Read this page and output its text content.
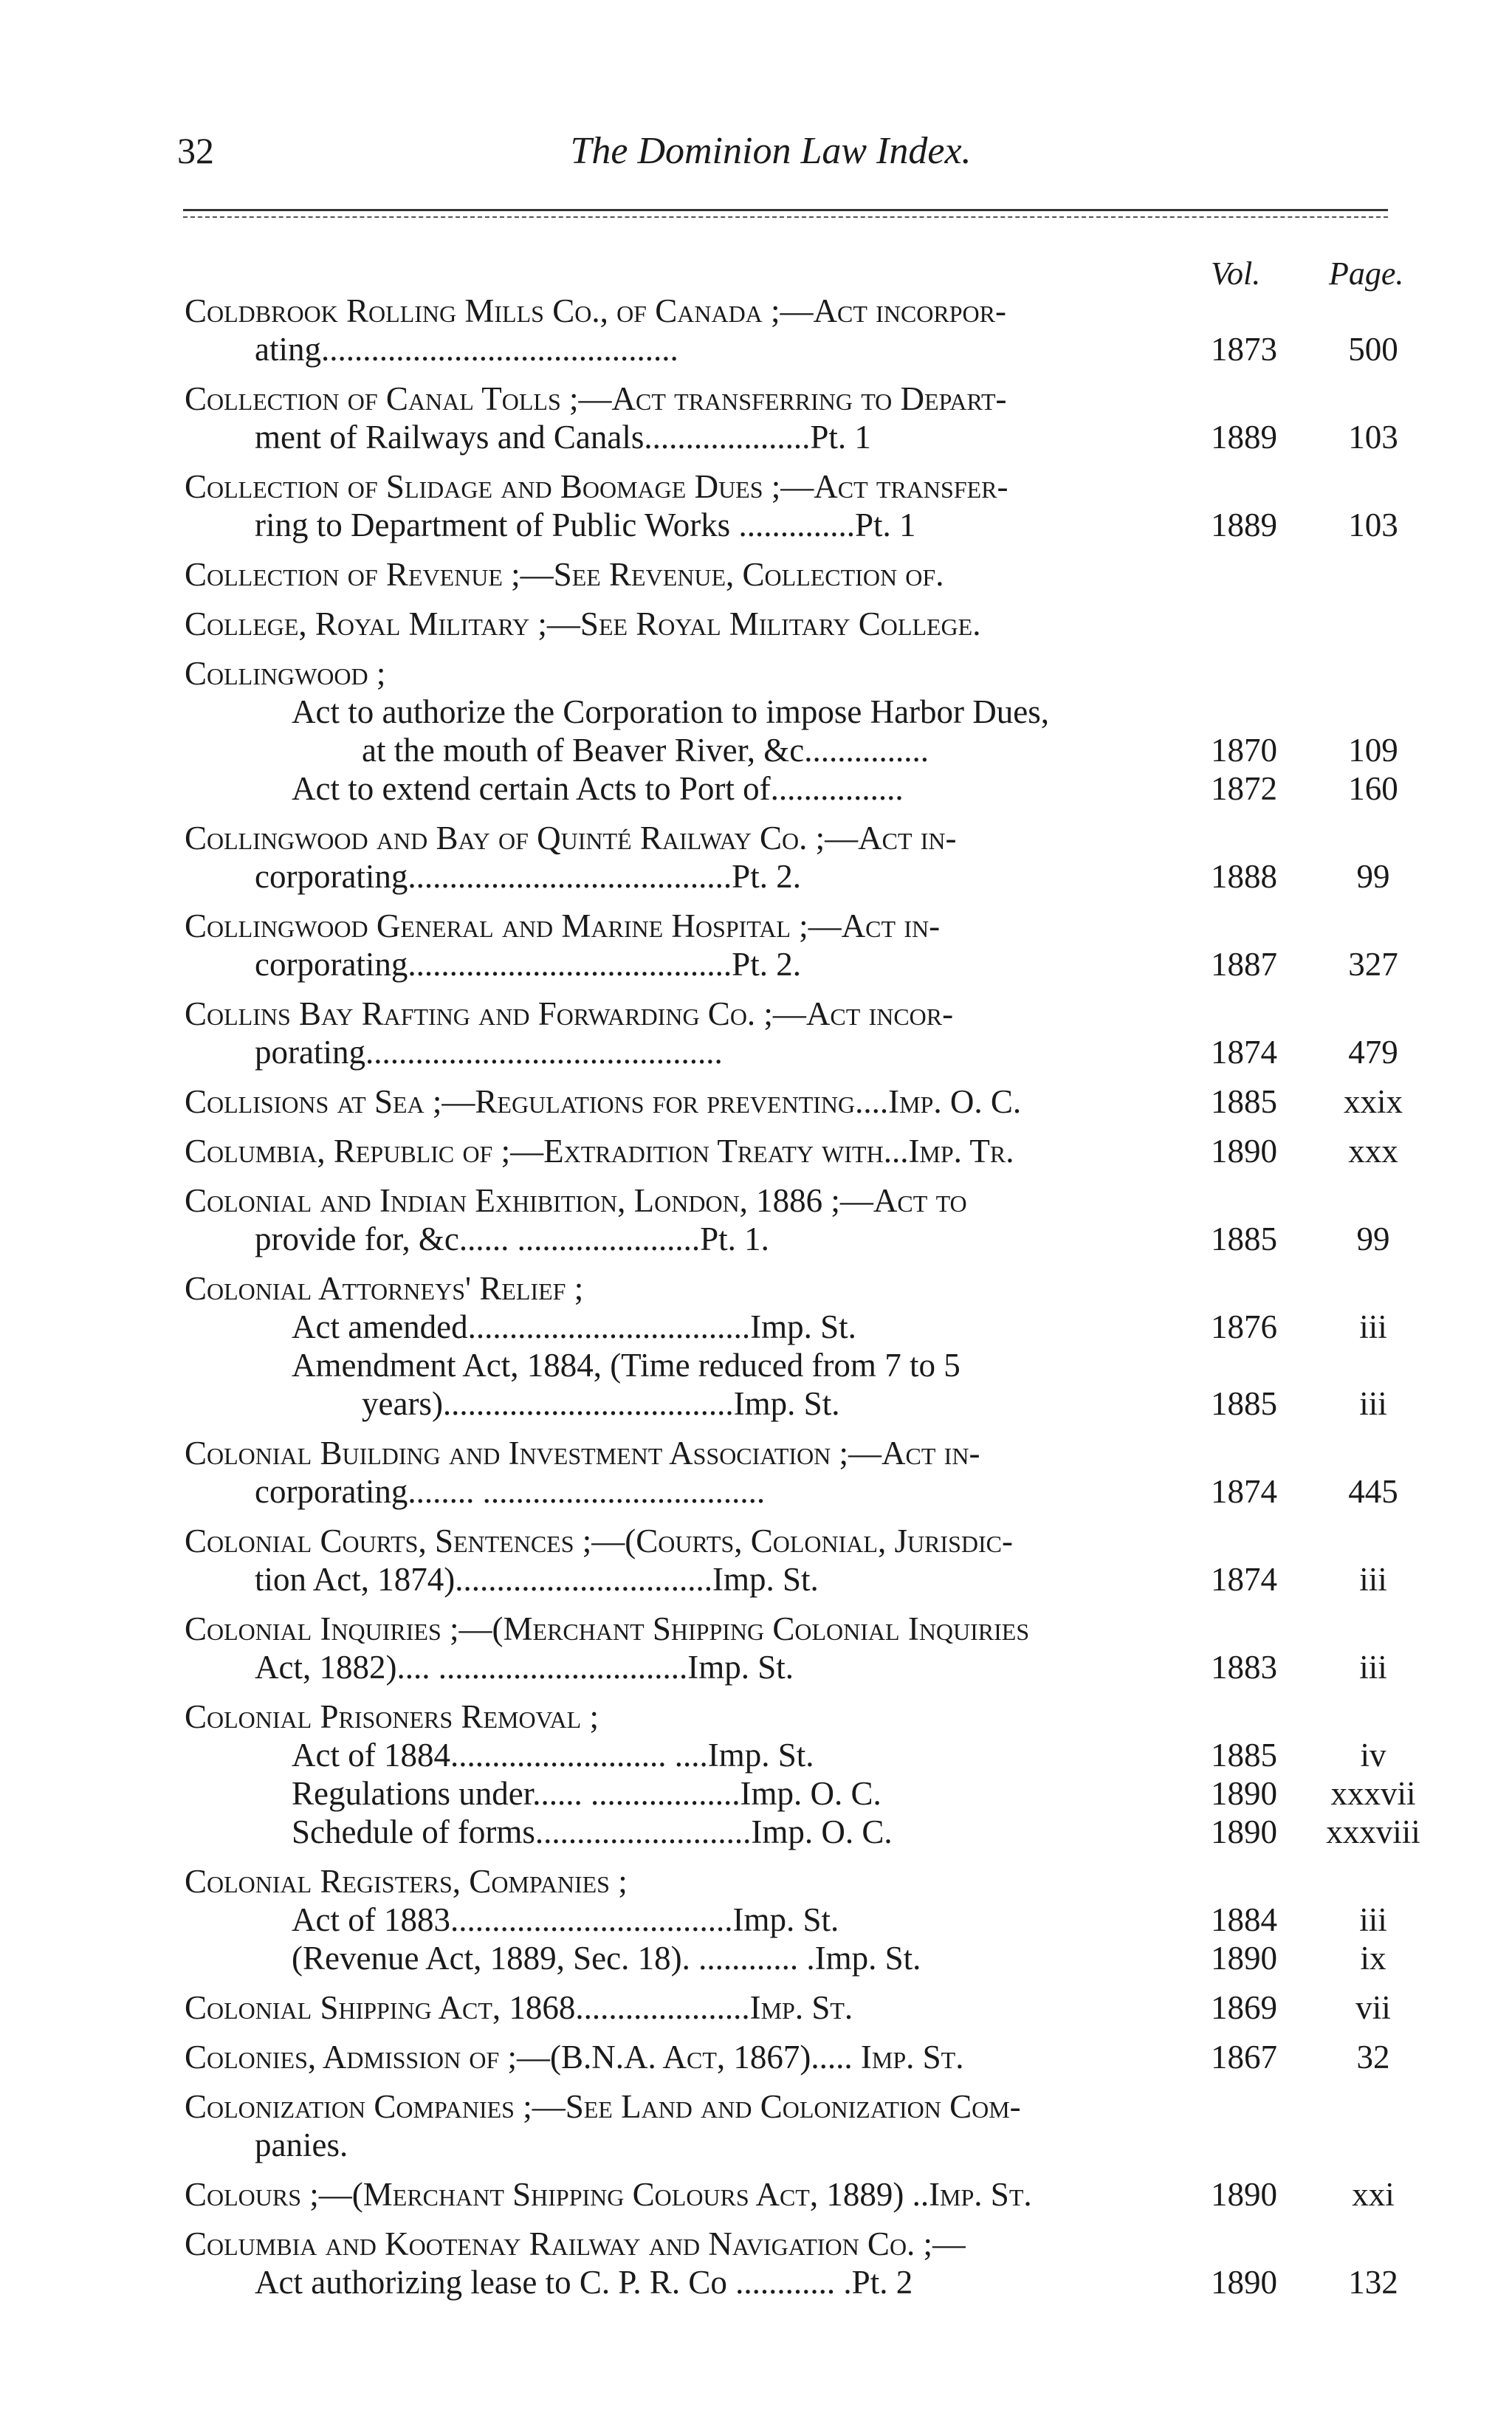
32	The Dominion Law Index.
Vol. Page.
Coldbrook Rolling Mills Co., of Canada ;—Act incorpor-
ating...........................................	1873	500
Collection of Canal Tolls ;—Act transferring to Depart-
ment of Railways and Canals....................Pt. 1	1889	103
Collection of Slidage and Boomage Dues ;—Act transfer-
ring to Department of Public Works ..............Pt. 1	1889	103
Collection of Revenue ;—See Revenue, Collection of.
College, Royal Military ;—See Royal Military College.
Collingwood ;
Act to authorize the Corporation to impose Harbor Dues,
at the mouth of Beaver River, &c...............	1870	109
Act to extend certain Acts to Port of................	1872	160
Collingwood and Bay of Quinté Railway Co. ;—Act in-
corporating.......................................Pt. 2.	1888	99
Collingwood General and Marine Hospital ;—Act in-
corporating.......................................Pt. 2.	1887	327
Collins Bay Rafting and Forwarding Co. ;—Act incor-
porating...........................................	1874	479
Collisions at Sea ;—Regulations for preventing....Imp. O. C.	1885	xxix
Columbia, Republic of ;—Extradition Treaty with...Imp. Tr.	1890	xxx
Colonial and Indian Exhibition, London, 1886 ;—Act to
provide for, &c...... ......................Pt. 1.	1885	99
Colonial Attorneys' Relief ;
Act amended..................................Imp. St.	1876	iii
Amendment Act, 1884, (Time reduced from 7 to 5
years)...................................Imp. St.	1885	iii
Colonial Building and Investment Association ;—Act in-
corporating........ ..................................	1874	445
Colonial Courts, Sentences ;—(Courts, Colonial, Jurisdic-
tion Act, 1874)...............................Imp. St.	1874	iii
Colonial Inquiries ;—(Merchant Shipping Colonial Inquiries
Act, 1882).... ..............................Imp. St.	1883	iii
Colonial Prisoners Removal ;
Act of 1884.......................... ....Imp. St.	1885	iv
Regulations under...... ..................Imp. O. C.	1890	xxxvii
Schedule of forms..........................Imp. O. C.	1890	xxxviii
Colonial Registers, Companies ;
Act of 1883..................................Imp. St.	1884	iii
(Revenue Act, 1889, Sec. 18). ............ .Imp. St.	1890	ix
Colonial Shipping Act, 1868.....................Imp. St.	1869	vii
Colonies, Admission of ;—(B.N.A. Act, 1867)..... Imp. St.	1867	32
Colonization Companies ;—See Land and Colonization Com-
panies.
Colours ;—(Merchant Shipping Colours Act, 1889) ..Imp. St.	1890	xxi
Columbia and Kootenay Railway and Navigation Co. ;—
Act authorizing lease to C. P. R. Co ............ .Pt. 2	1890	132
